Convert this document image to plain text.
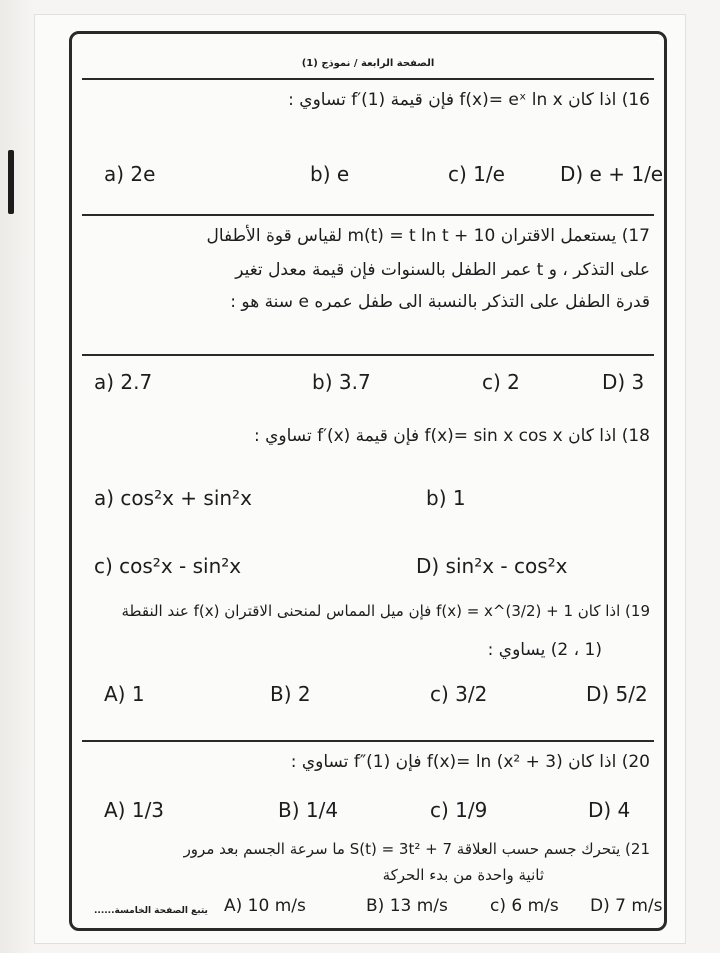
الصفحة الرابعة / نموذج (1)
16) اذا كان f(x)= eˣ ln x فإن قيمة f′(1) تساوي :
a) 2e	b) e	c) 1/e	D) e + 1/e
17) يستعمل الاقتران m(t) = t ln t + 10 لقياس قوة الأطفال
على التذكر ، و t عمر الطفل بالسنوات فإن قيمة معدل تغير
قدرة الطفل على التذكر بالنسبة الى طفل عمره e سنة هو :
a) 2.7	b) 3.7	c) 2	D) 3
18) اذا كان f(x)= sin x cos x فإن قيمة f′(x) تساوي :
a) cos²x + sin²x	b) 1
c) cos²x - sin²x	D) sin²x - cos²x
19) اذا كان f(x) = x^(3/2) + 1 فإن ميل المماس لمنحنى الاقتران f(x) عند النقطة
(1 ، 2) يساوي :
A) 1	B) 2	c) 3/2	D) 5/2
20) اذا كان f(x)= ln (x² + 3) فإن f″(1) تساوي :
A) 1/3	B) 1/4	c) 1/9	D) 4
21) يتحرك جسم حسب العلاقة S(t) = 3t² + 7 ما سرعة الجسم بعد مرور
ثانية واحدة من بدء الحركة
يتبع الصفحة الخامسة...... A) 10 m/s	B) 13 m/s c) 6 m/s D) 7 m/s
